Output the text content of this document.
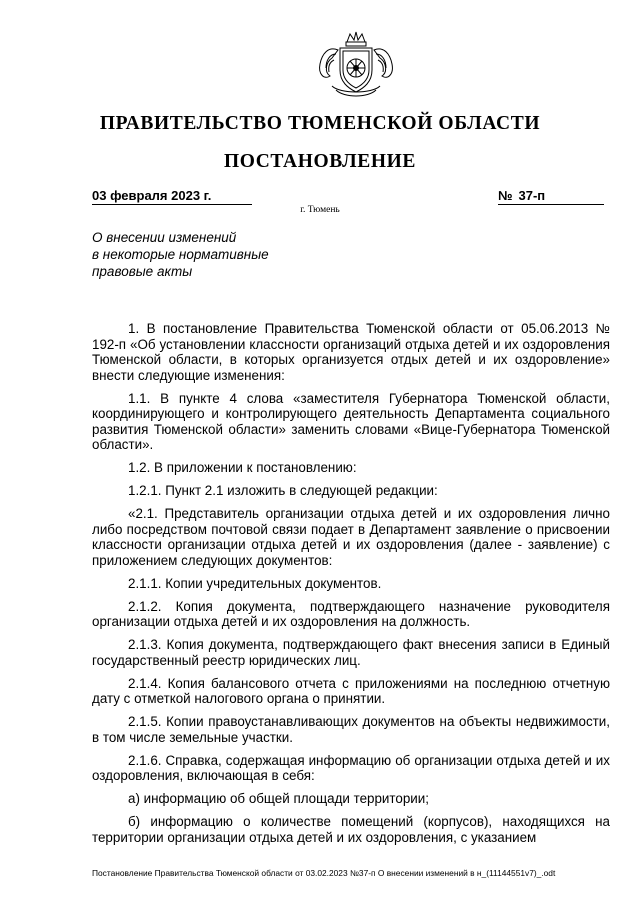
ПРАВИТЕЛЬСТВО ТЮМЕНСКОЙ ОБЛАСТИ
ПОСТАНОВЛЕНИЕ
03 февраля 2023 г.	№ 37-п
г. Тюмень
О внесении изменений
в некоторые нормативные
правовые акты

1. В постановление Правительства Тюменской области от 05.06.2013 № 192-п «Об установлении классности организаций отдыха детей и их оздоровления Тюменской области, в которых организуется отдых детей и их оздоровление» внести следующие изменения:

1.1. В пункте 4 слова «заместителя Губернатора Тюменской области, координирующего и контролирующего деятельность Департамента социального развития Тюменской области» заменить словами «Вице-Губернатора Тюменской области».

1.2. В приложении к постановлению:

1.2.1. Пункт 2.1 изложить в следующей редакции:

«2.1. Представитель организации отдыха детей и их оздоровления лично либо посредством почтовой связи подает в Департамент заявление о присвоении классности организации отдыха детей и их оздоровления (далее - заявление) с приложением следующих документов:

2.1.1. Копии учредительных документов.

2.1.2. Копия документа, подтверждающего назначение руководителя организации отдыха детей и их оздоровления на должность.

2.1.3. Копия документа, подтверждающего факт внесения записи в Единый государственный реестр юридических лиц.

2.1.4. Копия балансового отчета с приложениями на последнюю отчетную дату с отметкой налогового органа о принятии.

2.1.5. Копии правоустанавливающих документов на объекты недвижимости, в том числе земельные участки.

2.1.6. Справка, содержащая информацию об организации отдыха детей и их оздоровления, включающая в себя:

а) информацию об общей площади территории;

б) информацию о количестве помещений (корпусов), находящихся на территории организации отдыха детей и их оздоровления, с указанием

Постановление Правительства Тюменской области от 03.02.2023 №37-п О внесении изменений в н_(11144551v7)_.odt
